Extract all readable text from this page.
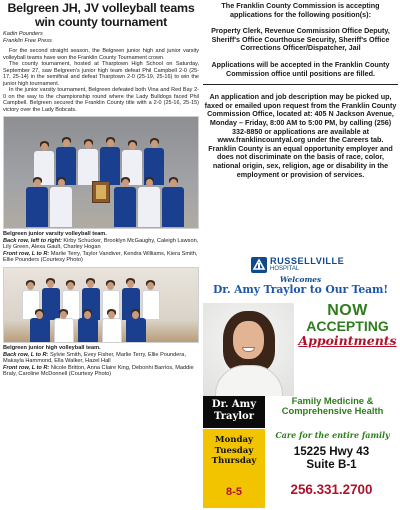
Belgreen JH, JV volleyball teams win county tournament
Kadin Pounders
Franklin Free Press

For the second straight season, the Belgreen junior high and junior varsity volleyball teams have won the Franklin County Tournament crown.

The county tournament, hosted at Tharptown High School on Saturday, September 27, saw Belgreen's junior high team defeat Phil Campbell 2-0 (25-17, 25-14) in the semifinal and defeat Tharptown 2-0 (25-19, 25-16) to win the junior high tournament.

In the junior varsity tournament, Belgreen defeated both Vina and Red Bay 2-0 on the way to the championship round where the Lady Bulldogs faced Phil Campbell. Belgreen secured the Franklin County title with a 2-0 (25-16, 25-15) victory over the Lady Bobcats.

Belgreen junior varsity volleyball team.
Back row, left to right: Kirby Schucker, Brooklyn McGaughy, Caleigh Lawson, Lily Green, Alexa Gault, Charley Hogan
Front row, L to R: Marlie Terry, Taylor Vandiver, Kendra Williams, Kiera Smith, Ellie Pounders (Courtesy Photo)
Belgreen junior high volleyball team.
Back row, L to R: Sylvie Smith, Evey Fisher, Marlie Terry, Ellie Poundera, Makayla Hammond, Ella Walker, Hazel Hall
Front row, L to R: Nicole Britton, Anna Claire King, Debonhi Barrios, Maddie Braly, Caroline McDonnell (Courtesy Photo)
The Franklin County Commission is accepting applications for the following position(s):
Property Clerk, Revenue Commission Office Deputy, Sheriff's Office Courthouse Security, Sheriff's Office Corrections Officer/Dispatcher, Jail
Applications will be accepted in the Franklin County Commission office until positions are filled.
An application and job description may be picked up, faxed or emailed upon request from the Franklin County Commission Office, located at: 405 N Jackson Avenue, Monday – Friday, 8:00 AM to 5:00 PM, by calling (256) 332-8850 or applications are available at www.franklincountyal.org under the Careers tab.
Franklin County is an equal opportunity employer and does not discriminate on the basis of race, color, national origin, sex, religion, age or disability in the employment or provision of services.
RUSSELLVILLE
HOSPITAL
Welcomes
Dr. Amy Traylor to Our Team!
NOW
ACCEPTING
Appointments
Dr. Amy
Traylor
Family Medicine & Comprehensive Health
Care for the entire family
Monday
Tuesday
Thursday
8-5
15225 Hwy 43
Suite B-1
256.331.2700
